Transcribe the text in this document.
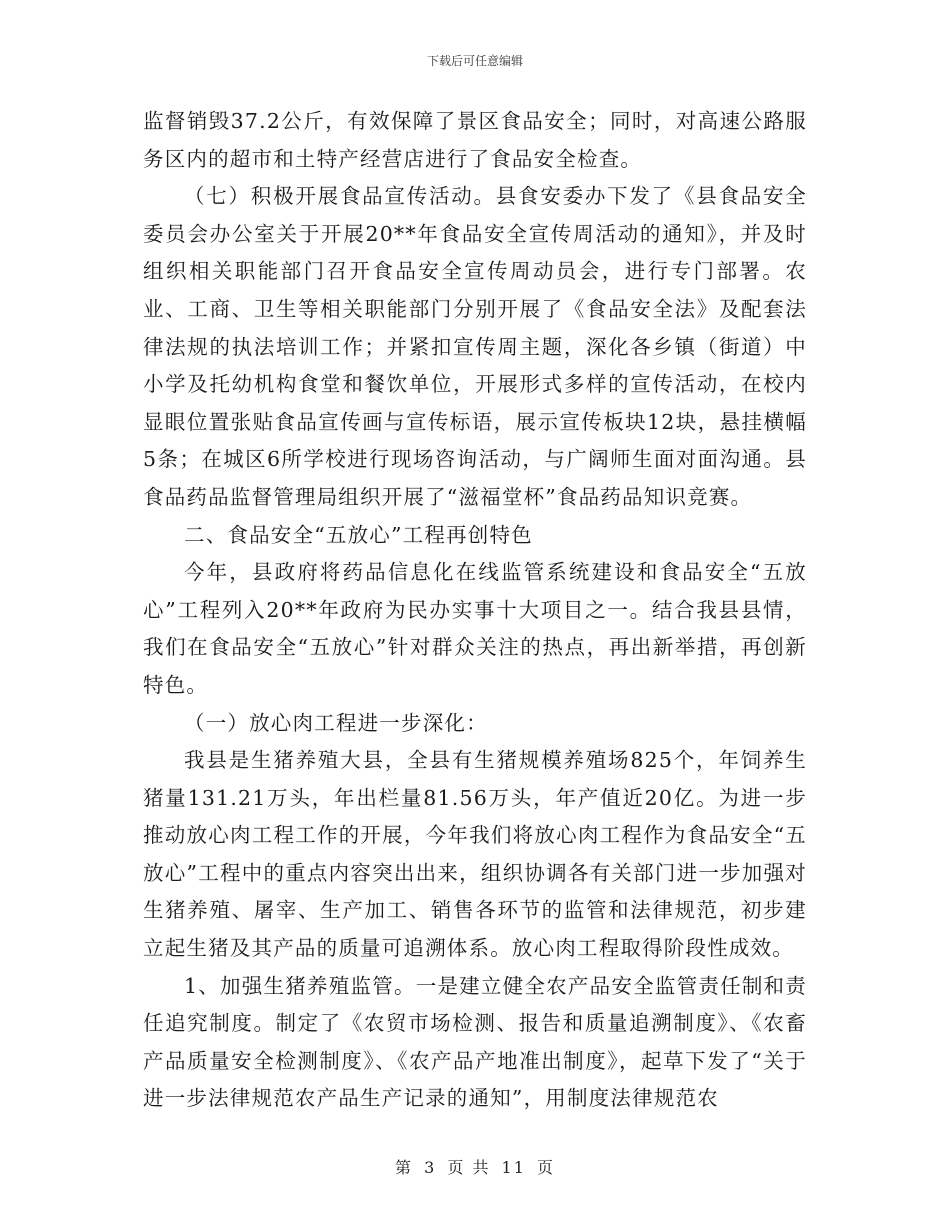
下载后可任意编辑

监督销毁37.2公斤，有效保障了景区食品安全；同时，对高速公路服务区内的超市和土特产经营店进行了食品安全检查。

（七）积极开展食品宣传活动。县食安委办下发了《县食品安全委员会办公室关于开展20**年食品安全宣传周活动的通知》，并及时组织相关职能部门召开食品安全宣传周动员会，进行专门部署。农业、工商、卫生等相关职能部门分别开展了《食品安全法》及配套法律法规的执法培训工作；并紧扣宣传周主题，深化各乡镇（街道）中小学及托幼机构食堂和餐饮单位，开展形式多样的宣传活动，在校内显眼位置张贴食品宣传画与宣传标语，展示宣传板块12块，悬挂横幅5条；在城区6所学校进行现场咨询活动，与广阔师生面对面沟通。县食品药品监督管理局组织开展了“滋福堂杯”食品药品知识竞赛。

二、食品安全“五放心”工程再创特色

今年，县政府将药品信息化在线监管系统建设和食品安全“五放心”工程列入20**年政府为民办实事十大项目之一。结合我县县情，我们在食品安全“五放心”针对群众关注的热点，再出新举措，再创新特色。

（一）放心肉工程进一步深化：

我县是生猪养殖大县，全县有生猪规模养殖场825个，年饲养生猪量131.21万头，年出栏量81.56万头，年产值近20亿。为进一步推动放心肉工程工作的开展，今年我们将放心肉工程作为食品安全“五放心”工程中的重点内容突出出来，组织协调各有关部门进一步加强对生猪养殖、屠宰、生产加工、销售各环节的监管和法律规范，初步建立起生猪及其产品的质量可追溯体系。放心肉工程取得阶段性成效。

1、加强生猪养殖监管。一是建立健全农产品安全监管责任制和责任追究制度。制定了《农贸市场检测、报告和质量追溯制度》、《农畜产品质量安全检测制度》、《农产品产地准出制度》，起草下发了“关于进一步法律规范农产品生产记录的通知”，用制度法律规范农

第 3 页 共 11 页
